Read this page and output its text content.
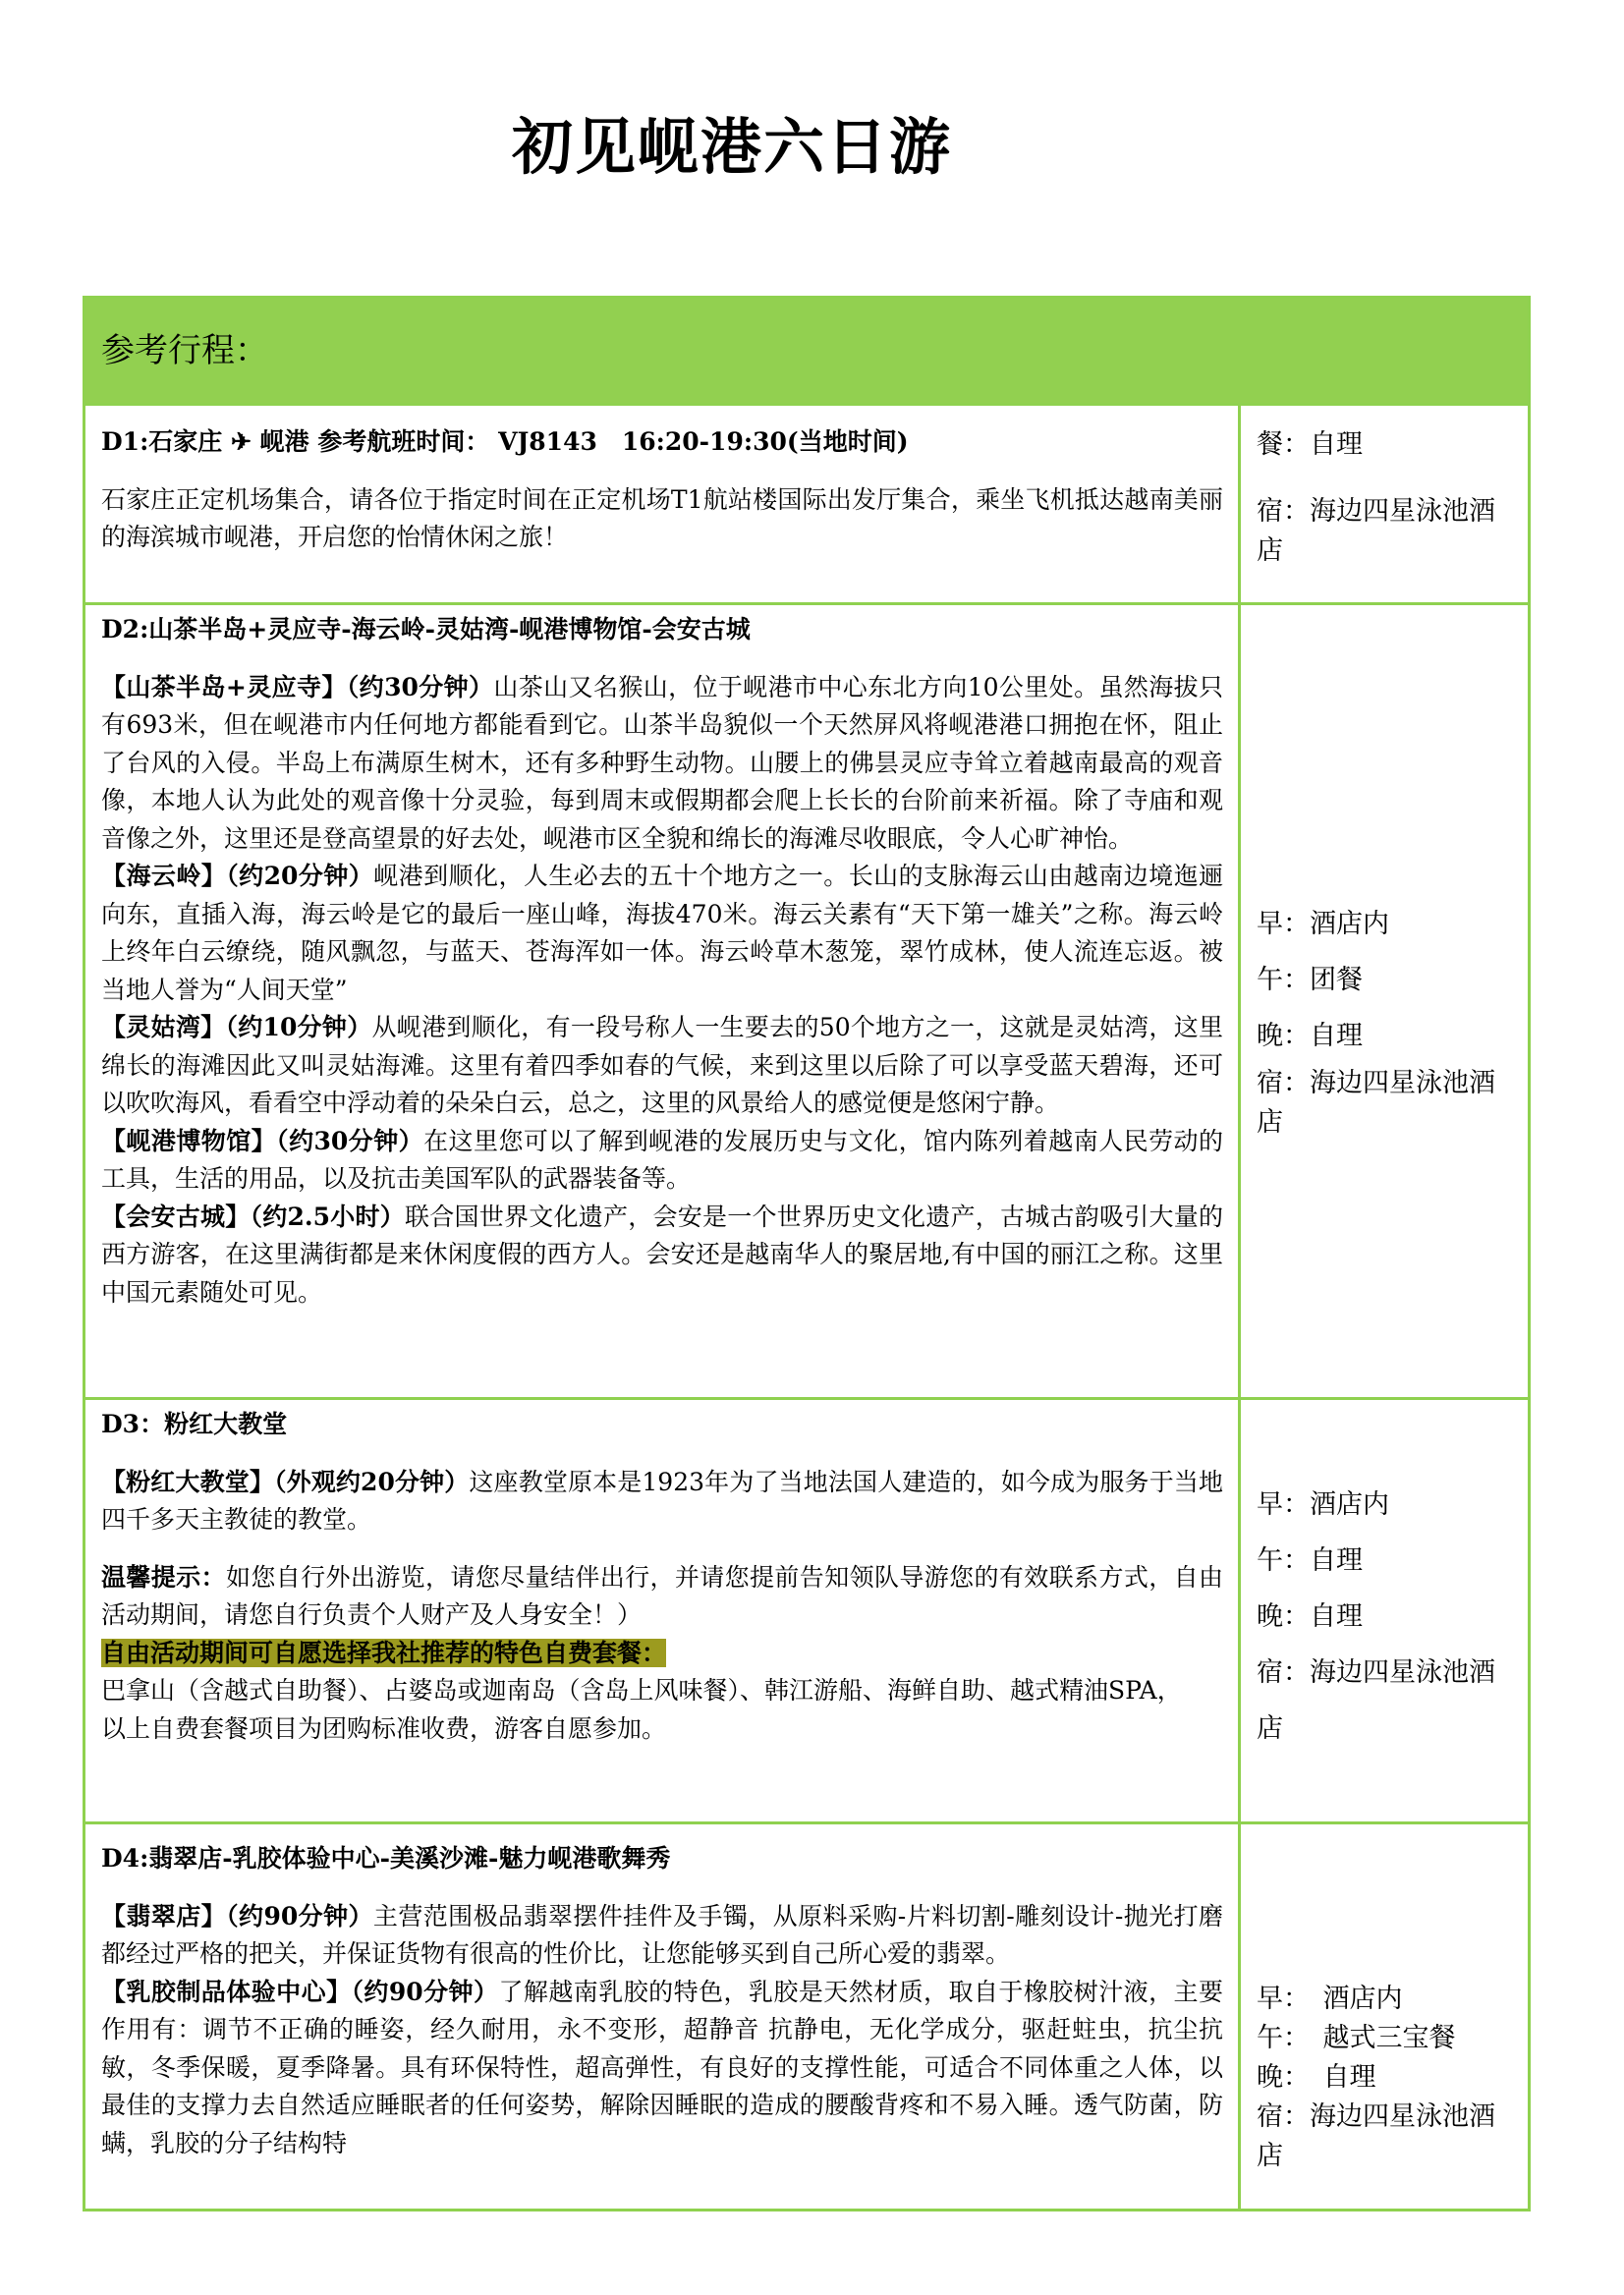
初见岘港六日游
参考行程：
D1:石家庄 ✈ 岘港 参考航班时间： VJ8143　16:20-19:30(当地时间)

石家庄正定机场集合，请各位于指定时间在正定机场T1航站楼国际出发厅集合，乘坐飞机抵达越南美丽的海滨城市岘港，开启您的怡情休闲之旅！

餐：自理
宿：海边四星泳池酒店
D2:山茶半岛+灵应寺-海云岭-灵姑湾-岘港博物馆-会安古城

【山茶半岛+灵应寺】（约30分钟）山茶山又名猴山，位于岘港市中心东北方向10公里处。虽然海拔只有693米，但在岘港市内任何地方都能看到它。山茶半岛貌似一个天然屏风将岘港港口拥抱在怀，阻止了台风的入侵。半岛上布满原生树木，还有多种野生动物。山腰上的佛昙灵应寺耸立着越南最高的观音像，本地人认为此处的观音像十分灵验，每到周末或假期都会爬上长长的台阶前来祈福。除了寺庙和观音像之外，这里还是登高望景的好去处，岘港市区全貌和绵长的海滩尽收眼底，令人心旷神怡。

【海云岭】（约20分钟）岘港到顺化，人生必去的五十个地方之一。长山的支脉海云山由越南边境迤逦向东，直插入海，海云岭是它的最后一座山峰，海拔470米。海云关素有“天下第一雄关”之称。海云岭上终年白云缭绕，随风飘忽，与蓝天、苍海浑如一体。海云岭草木葱笼，翠竹成林，使人流连忘返。被当地人誉为“人间天堂”

【灵姑湾】（约10分钟）从岘港到顺化，有一段号称人一生要去的50个地方之一，这就是灵姑湾，这里绵长的海滩因此又叫灵姑海滩。这里有着四季如春的气候，来到这里以后除了可以享受蓝天碧海，还可以吹吹海风，看看空中浮动着的朵朵白云，总之，这里的风景给人的感觉便是悠闲宁静。

【岘港博物馆】（约30分钟）在这里您可以了解到岘港的发展历史与文化，馆内陈列着越南人民劳动的工具，生活的用品，以及抗击美国军队的武器装备等。

【会安古城】（约2.5小时）联合国世界文化遗产，会安是一个世界历史文化遗产，古城古韵吸引大量的西方游客，在这里满街都是来休闲度假的西方人。会安还是越南华人的聚居地,有中国的丽江之称。这里中国元素随处可见。

早：酒店内
午：团餐
晚：自理
宿：海边四星泳池酒店
D3：粉红大教堂

【粉红大教堂】（外观约20分钟）这座教堂原本是1923年为了当地法国人建造的，如今成为服务于当地四千多天主教徒的教堂。

温馨提示：如您自行外出游览，请您尽量结伴出行，并请您提前告知领队导游您的有效联系方式，自由活动期间，请您自行负责个人财产及人身安全！）

自由活动期间可自愿选择我社推荐的特色自费套餐：

巴拿山（含越式自助餐）、占婆岛或迦南岛（含岛上风味餐）、韩江游船、海鲜自助、越式精油SPA，

以上自费套餐项目为团购标准收费，游客自愿参加。

早：酒店内
午：自理
晚：自理
宿：海边四星泳池酒店
D4:翡翠店-乳胶体验中心-美溪沙滩-魅力岘港歌舞秀

【翡翠店】（约90分钟）主营范围极品翡翠摆件挂件及手镯，从原料采购-片料切割-雕刻设计-抛光打磨都经过严格的把关，并保证货物有很高的性价比，让您能够买到自己所心爱的翡翠。

【乳胶制品体验中心】（约90分钟）了解越南乳胶的特色，乳胶是天然材质，取自于橡胶树汁液，主要作用有：调节不正确的睡姿，经久耐用，永不变形，超静音 抗静电，无化学成分，驱赶蛀虫，抗尘抗敏，冬季保暖，夏季降暑。具有环保特性，超高弹性，有良好的支撑性能，可适合不同体重之人体，以最佳的支撑力去自然适应睡眠者的任何姿势，解除因睡眠的造成的腰酸背疼和不易入睡。透气防菌，防螨，乳胶的分子结构特

早：　酒店内
午：　越式三宝餐
晚：　自理
宿：海边四星泳池酒店
